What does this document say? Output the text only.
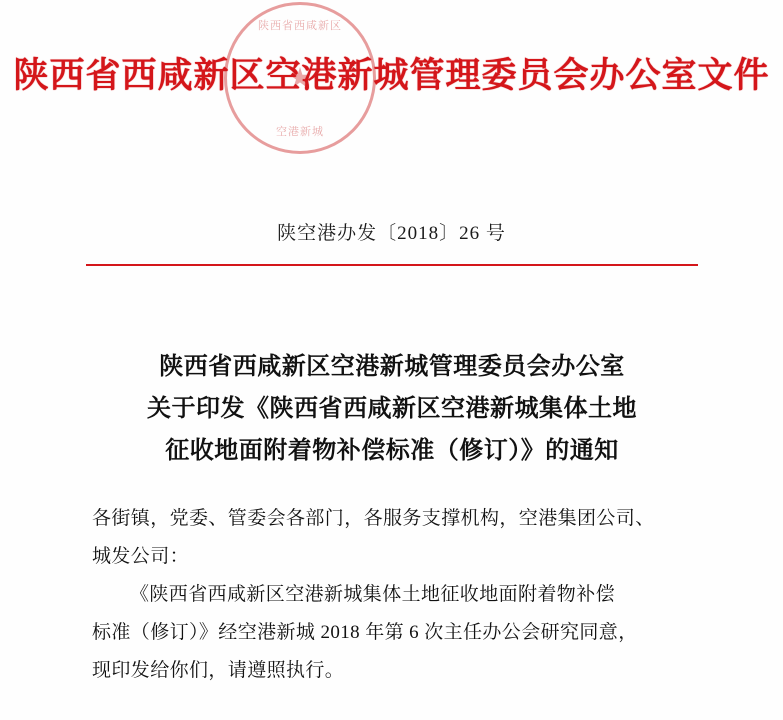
陕西省西咸新区
空港新城
陕西省西咸新区空港新城管理委员会办公室文件
陕空港办发〔2018〕26 号
陕西省西咸新区空港新城管理委员会办公室
关于印发《陕西省西咸新区空港新城集体土地
征收地面附着物补偿标准（修订）》的通知

各街镇，党委、管委会各部门，各服务支撑机构，空港集团公司、

城发公司：

《陕西省西咸新区空港新城集体土地征收地面附着物补偿

标准（修订）》经空港新城 2018 年第 6 次主任办公会研究同意，

现印发给你们，请遵照执行。
